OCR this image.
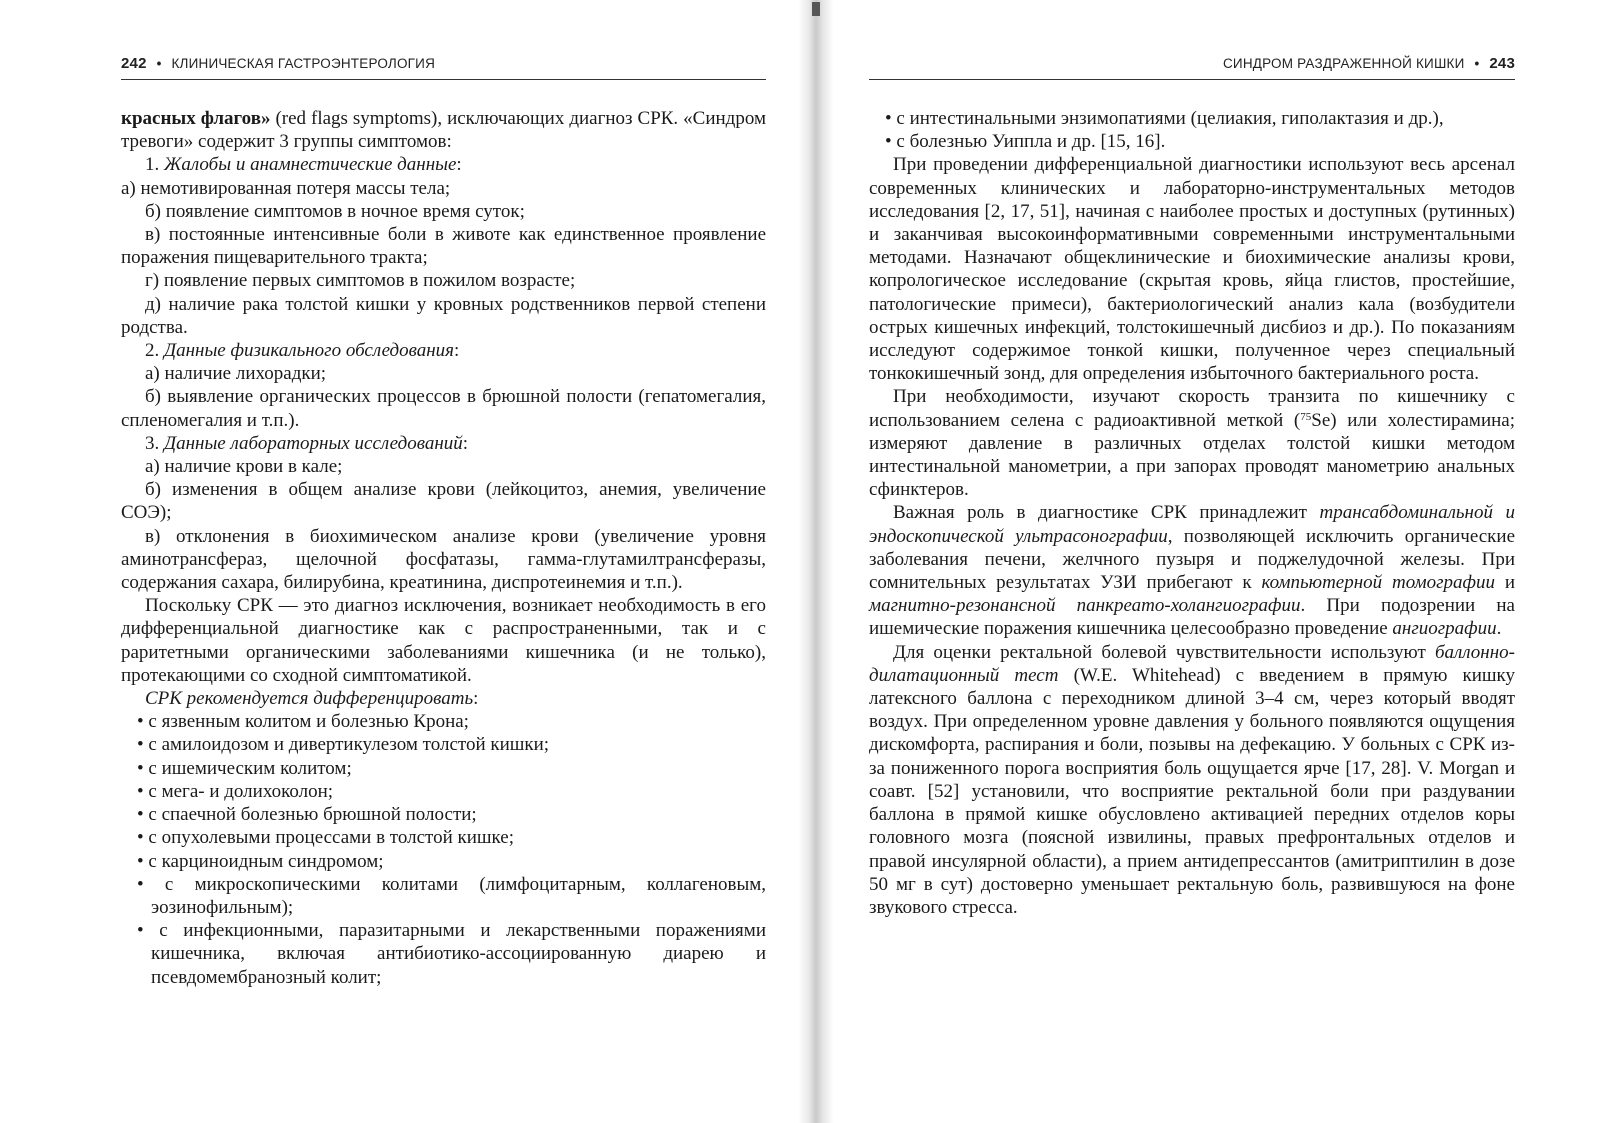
242 • КЛИНИЧЕСКАЯ ГАСТРОЭНТЕРОЛОГИЯ

красных флагов» (red flags symptoms), исключающих диагноз СРК. «Синдром тревоги» содержит 3 группы симптомов:

1. Жалобы и анамнестические данные:

а) немотивированная потеря массы тела;

б) появление симптомов в ночное время суток;

в) постоянные интенсивные боли в животе как единственное проявление поражения пищеварительного тракта;

г) появление первых симптомов в пожилом возрасте;

д) наличие рака толстой кишки у кровных родственников первой степени родства.

2. Данные физикального обследования:

а) наличие лихорадки;

б) выявление органических процессов в брюшной полости (гепатомегалия, спленомегалия и т.п.).

3. Данные лабораторных исследований:

а) наличие крови в кале;

б) изменения в общем анализе крови (лейкоцитоз, анемия, увеличение СОЭ);

в) отклонения в биохимическом анализе крови (увеличение уровня аминотрансфераз, щелочной фосфатазы, гамма-глутамилтрансферазы, содержания сахара, билирубина, креатинина, диспротеинемия и т.п.).

Поскольку СРК — это диагноз исключения, возникает необходимость в его дифференциальной диагностике как с распространенными, так и с раритетными органическими заболеваниями кишечника (и не только), протекающими со сходной симптоматикой.

СРК рекомендуется дифференцировать:

• с язвенным колитом и болезнью Крона;

• с амилоидозом и дивертикулезом толстой кишки;

• с ишемическим колитом;

• с мега- и долихоколон;

• с спаечной болезнью брюшной полости;

• с опухолевыми процессами в толстой кишке;

• с карциноидным синдромом;

• с микроскопическими колитами (лимфоцитарным, коллагеновым, эозинофильным);

• с инфекционными, паразитарными и лекарственными поражениями кишечника, включая антибиотико-ассоциированную диарею и псевдомембранозный колит;

СИНДРОМ РАЗДРАЖЕННОЙ КИШКИ • 243

• с интестинальными энзимопатиями (целиакия, гиполактазия и др.),

• с болезнью Уиппла и др. [15, 16].

При проведении дифференциальной диагностики используют весь арсенал современных клинических и лабораторно-инструментальных методов исследования [2, 17, 51], начиная с наиболее простых и доступных (рутинных) и заканчивая высокоинформативными современными инструментальными методами. Назначают общеклинические и биохимические анализы крови, копрологическое исследование (скрытая кровь, яйца глистов, простейшие, патологические примеси), бактериологический анализ кала (возбудители острых кишечных инфекций, толстокишечный дисбиоз и др.). По показаниям исследуют содержимое тонкой кишки, полученное через специальный тонкокишечный зонд, для определения избыточного бактериального роста.

При необходимости, изучают скорость транзита по кишечнику с использованием селена с радиоактивной меткой ($^{75}$Se) или холестирамина; измеряют давление в различных отделах толстой кишки методом интестинальной манометрии, а при запорах проводят манометрию анальных сфинктеров.

Важная роль в диагностике СРК принадлежит трансабдоминальной и эндоскопической ультрасонографии, позволяющей исключить органические заболевания печени, желчного пузыря и поджелудочной железы. При сомнительных результатах УЗИ прибегают к компьютерной томографии и магнитно-резонансной панкреато-холангиографии. При подозрении на ишемические поражения кишечника целесообразно проведение ангиографии.

Для оценки ректальной болевой чувствительности используют баллонно-дилатационный тест (W.E. Whitehead) с введением в прямую кишку латексного баллона с переходником длиной 3–4 см, через который вводят воздух. При определенном уровне давления у больного появляются ощущения дискомфорта, распирания и боли, позывы на дефекацию. У больных с СРК из-за пониженного порога восприятия боль ощущается ярче [17, 28]. V. Morgan и соавт. [52] установили, что восприятие ректальной боли при раздувании баллона в прямой кишке обусловлено активацией передних отделов коры головного мозга (поясной извилины, правых префронтальных отделов и правой инсулярной области), а прием антидепрессантов (амитриптилин в дозе 50 мг в сут) достоверно уменьшает ректальную боль, развившуюся на фоне звукового стресса.
